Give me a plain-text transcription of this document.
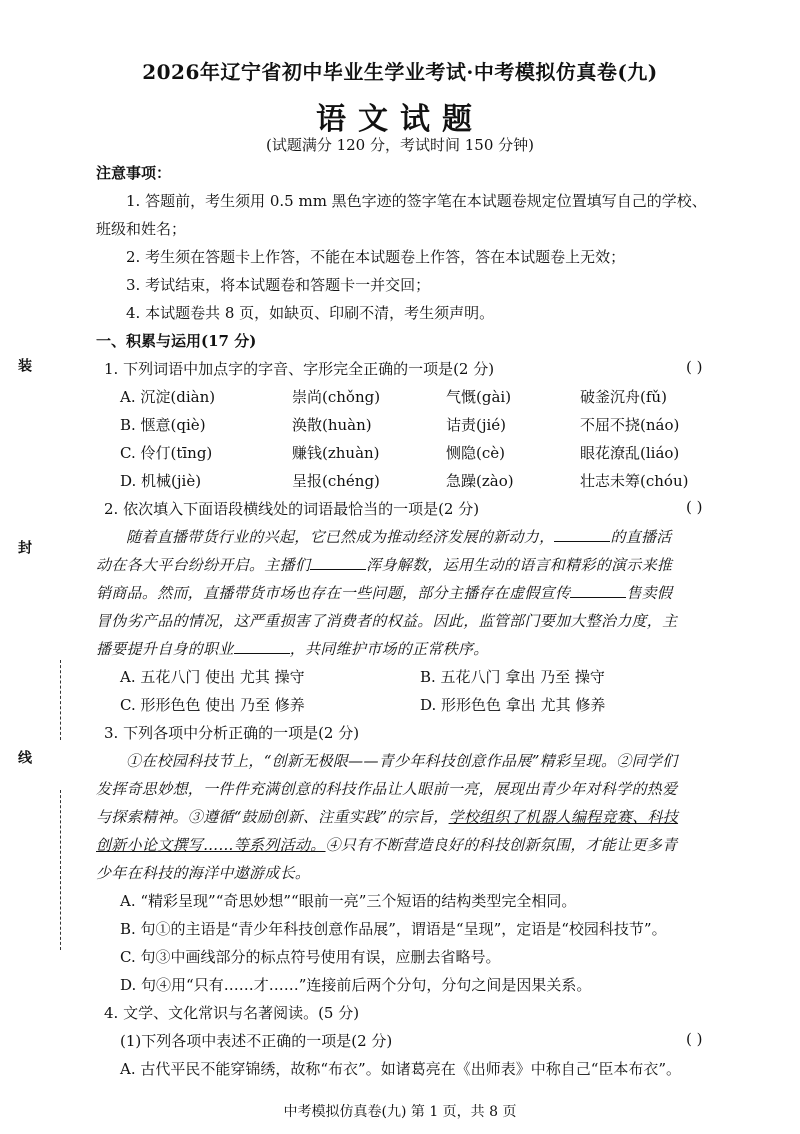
2026年辽宁省初中毕业生学业考试·中考模拟仿真卷(九)
语文试题
(试题满分 120 分，考试时间 150 分钟)
装
封
线
注意事项：
1. 答题前，考生须用 0.5 mm 黑色字迹的签字笔在本试题卷规定位置填写自己的学校、
班级和姓名；
2. 考生须在答题卡上作答，不能在本试题卷上作答，答在本试题卷上无效；
3. 考试结束，将本试题卷和答题卡一并交回；
4. 本试题卷共 8 页，如缺页、印刷不清，考生须声明。
一、积累与运用(17 分)
1. 下列词语中加点字的字音、字形完全正确的一项是(2 分)	( )
A. 沉淀(diàn)	崇尚(chǒng)	气慨(gài)	破釜沉舟(fǔ)
B. 惬意(qiè)	涣散(huàn)	诘责(jié)	不屈不挠(náo)
C. 伶仃(tīng)	赚钱(zhuàn)	恻隐(cè)	眼花潦乱(liáo)
D. 机械(jiè)	呈报(chéng)	急躁(zào)	壮志未筹(chóu)
2. 依次填入下面语段横线处的词语最恰当的一项是(2 分)	( )
随着直播带货行业的兴起，它已然成为推动经济发展的新动力，	的直播活
动在各大平台纷纷开启。主播们	浑身解数，运用生动的语言和精彩的演示来推
销商品。然而，直播带货市场也存在一些问题，部分主播存在虚假宣传	售卖假
冒伪劣产品的情况，这严重损害了消费者的权益。因此，监管部门要加大整治力度，主
播要提升自身的职业	，共同维护市场的正常秩序。
A. 五花八门 使出 尤其 操守	B. 五花八门 拿出 乃至 操守
C. 形形色色 使出 乃至 修养	D. 形形色色 拿出 尤其 修养
3. 下列各项中分析正确的一项是(2 分)
①在校园科技节上，“创新无极限——青少年科技创意作品展”精彩呈现。②同学们
发挥奇思妙想，一件件充满创意的科技作品让人眼前一亮，展现出青少年对科学的热爱
与探索精神。③遵循“鼓励创新、注重实践”的宗旨，学校组织了机器人编程竞赛、科技
创新小论文撰写……等系列活动。④只有不断营造良好的科技创新氛围，才能让更多青
少年在科技的海洋中遨游成长。
A. “精彩呈现”“奇思妙想”“眼前一亮”三个短语的结构类型完全相同。
B. 句①的主语是“青少年科技创意作品展”，谓语是“呈现”，定语是“校园科技节”。
C. 句③中画线部分的标点符号使用有误，应删去省略号。
D. 句④用“只有……才……”连接前后两个分句，分句之间是因果关系。
4. 文学、文化常识与名著阅读。(5 分)
(1)下列各项中表述不正确的一项是(2 分)	( )
A. 古代平民不能穿锦绣，故称“布衣”。如诸葛亮在《出师表》中称自己“臣本布衣”。
中考模拟仿真卷(九) 第 1 页，共 8 页
